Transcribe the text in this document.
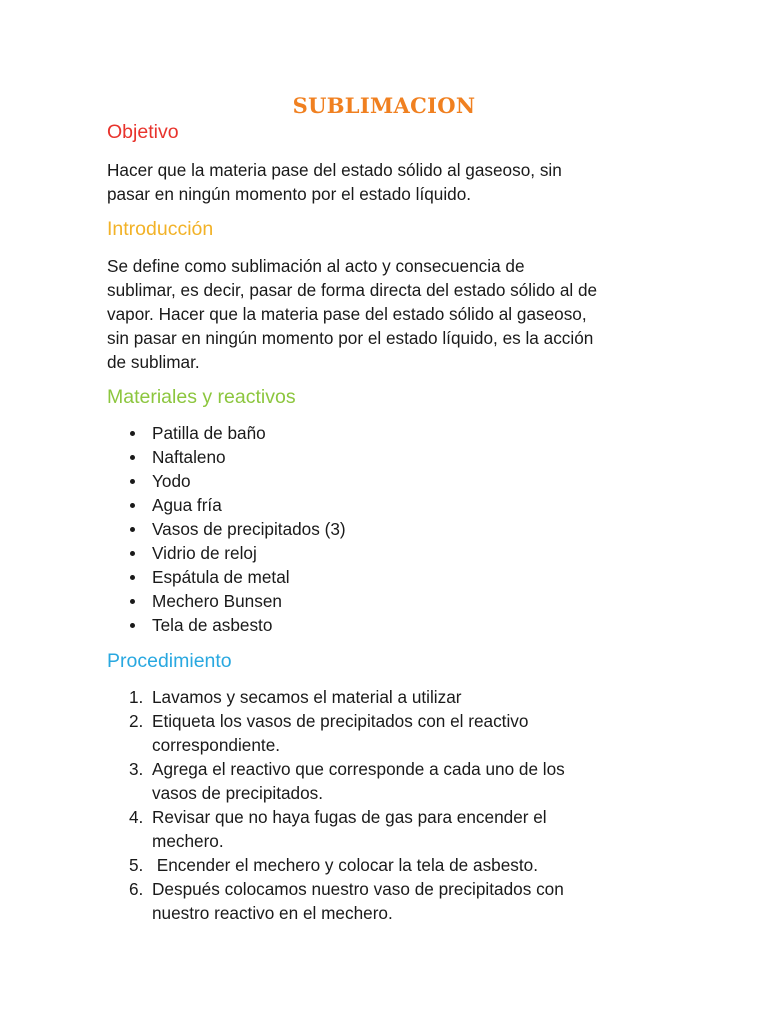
SUBLIMACION
Objetivo

Hacer que la materia pase del estado sólido al gaseoso, sin
pasar en ningún momento por el estado líquido.

Introducción

Se define como sublimación al acto y consecuencia de
sublimar, es decir, pasar de forma directa del estado sólido al de
vapor. Hacer que la materia pase del estado sólido al gaseoso,
sin pasar en ningún momento por el estado líquido, es la acción
de sublimar.

Materiales y reactivos
Patilla de baño
Naftaleno
Yodo
Agua fría
Vasos de precipitados (3)
Vidrio de reloj
Espátula de metal
Mechero Bunsen
Tela de asbesto
Procedimiento
1. Lavamos y secamos el material a utilizar
2. Etiqueta los vasos de precipitados con el reactivo
correspondiente.
3. Agrega el reactivo que corresponde a cada uno de los
vasos de precipitados.
4. Revisar que no haya fugas de gas para encender el
mechero.
5. Encender el mechero y colocar la tela de asbesto.
6. Después colocamos nuestro vaso de precipitados con
nuestro reactivo en el mechero.
